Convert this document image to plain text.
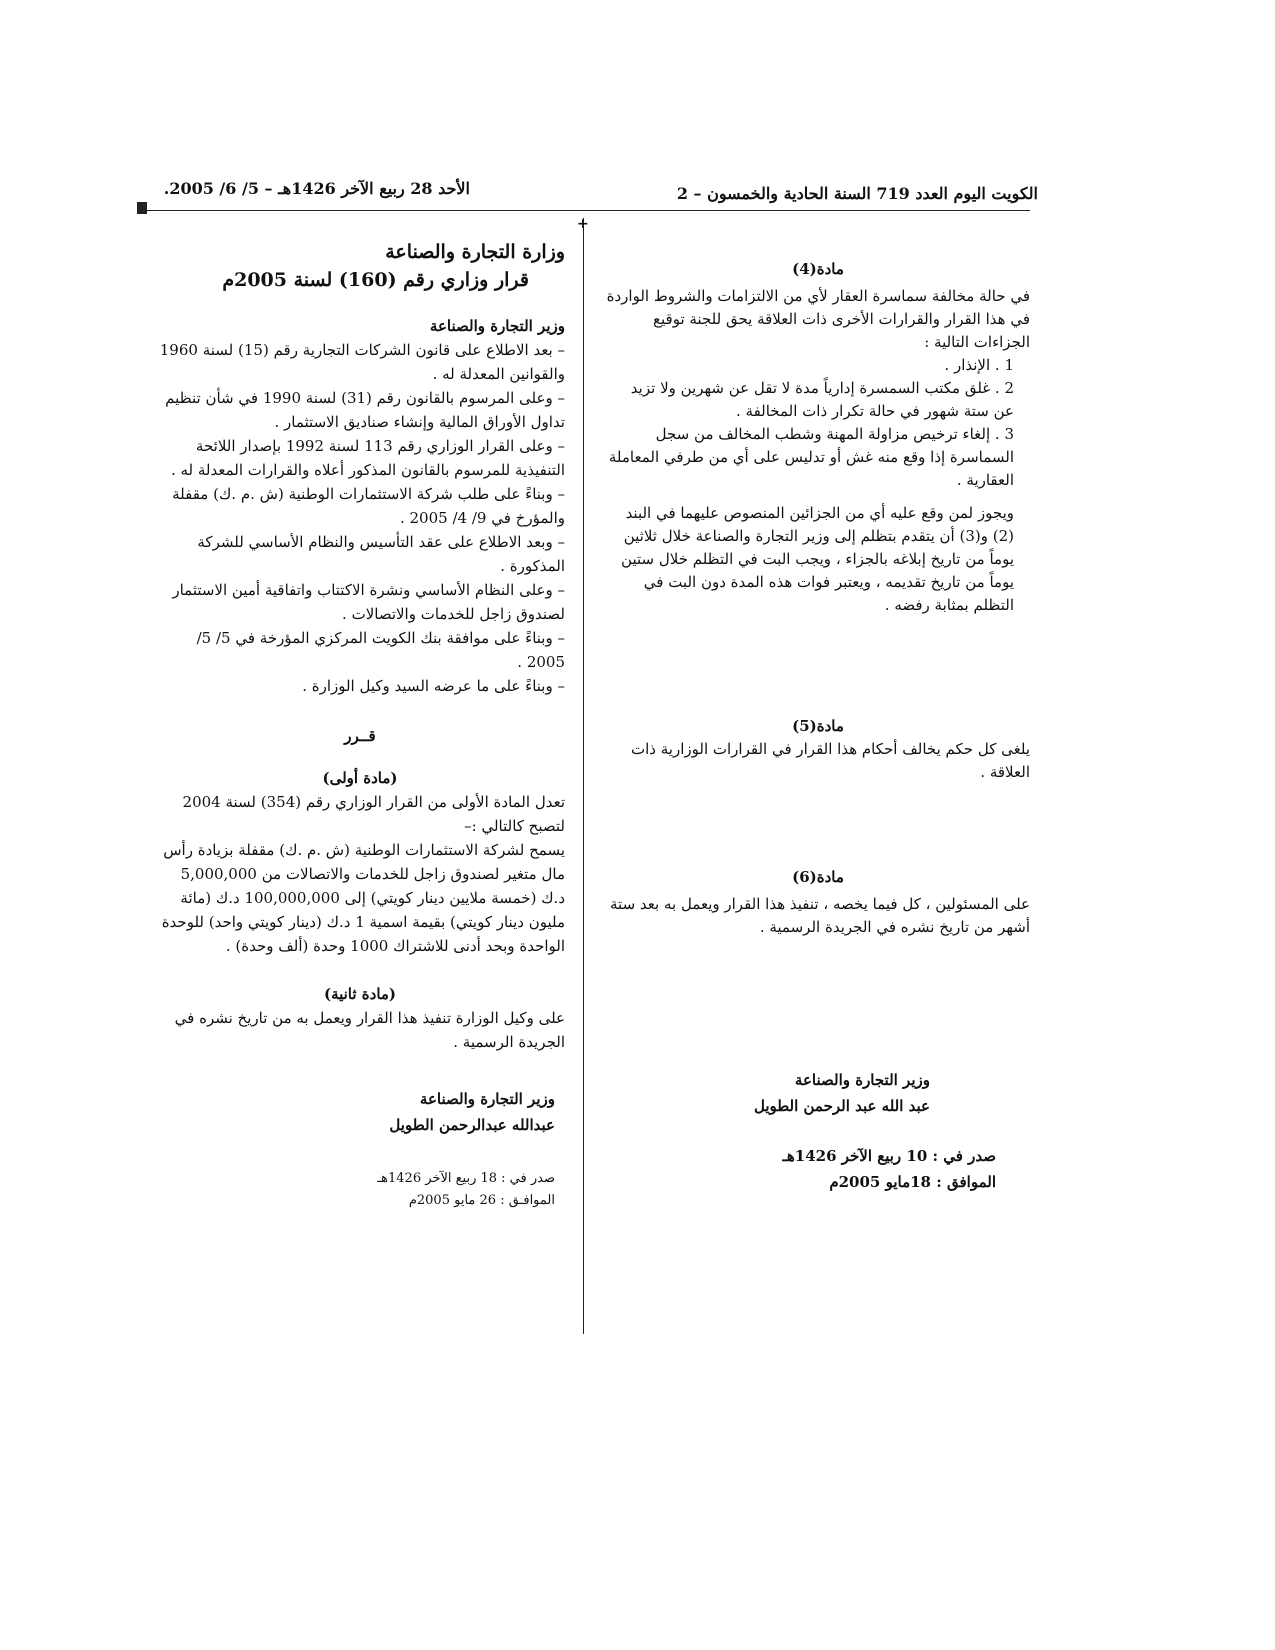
الكويت اليوم العدد 719 السنة الحادية والخمسون – 2
الأحد 28 ربيع الآخر 1426هـ – 5/ 6/ 2005.
+
مادة(4)

في حالة مخالفة سماسرة العقار لأي من الالتزامات والشروط الواردة في هذا القرار والقرارات الأخرى ذات العلاقة يحق للجنة توقيع الجزاءات التالية :

1 . الإنذار .

2 . غلق مكتب السمسرة إدارياً مدة لا تقل عن شهرين ولا تزيد عن ستة شهور في حالة تكرار ذات المخالفة .

3 . إلغاء ترخيص مزاولة المهنة وشطب المخالف من سجل السماسرة إذا وقع منه غش أو تدليس على أي من طرفي المعاملة العقارية .

ويجوز لمن وقع عليه أي من الجزائين المنصوص عليهما في البند (2) و(3) أن يتقدم بتظلم إلى وزير التجارة والصناعة خلال ثلاثين يوماً من تاريخ إبلاغه بالجزاء ، ويجب البت في التظلم خلال ستين يوماً من تاريخ تقديمه ، ويعتبر فوات هذه المدة دون البت في التظلم بمثابة رفضه .

مادة(5)

يلغى كل حكم يخالف أحكام هذا القرار في القرارات الوزارية ذات العلاقة .

مادة(6)

على المسئولين ، كل فيما يخصه ، تنفيذ هذا القرار ويعمل به بعد ستة أشهر من تاريخ نشره في الجريدة الرسمية .

وزير التجارة والصناعة
عبد الله عبد الرحمن الطويل
صدر في : 10 ربيع الآخر 1426هـ
الموافق : 18مايو 2005م
وزارة التجارة والصناعة
قرار وزاري رقم (160) لسنة 2005م
وزير التجارة والصناعة

– بعد الاطلاع على قانون الشركات التجارية رقم (15) لسنة 1960 والقوانين المعدلة له .

– وعلى المرسوم بالقانون رقم (31) لسنة 1990 في شأن تنظيم تداول الأوراق المالية وإنشاء صناديق الاستثمار .

– وعلى القرار الوزاري رقم 113 لسنة 1992 بإصدار اللائحة التنفيذية للمرسوم بالقانون المذكور أعلاه والقرارات المعدلة له .

– وبناءً على طلب شركة الاستثمارات الوطنية (ش .م .ك) مقفلة والمؤرخ في 9/ 4/ 2005 .

– وبعد الاطلاع على عقد التأسيس والنظام الأساسي للشركة المذكورة .

– وعلى النظام الأساسي ونشرة الاكتتاب واتفاقية أمين الاستثمار لصندوق زاجل للخدمات والاتصالات .

– وبناءً على موافقة بنك الكويت المركزي المؤرخة في 5/ 5/ 2005 .

– وبناءً على ما عرضه السيد وكيل الوزارة .

قــرر
(مادة أولى)

تعدل المادة الأولى من القرار الوزاري رقم (354) لسنة 2004 لتصبح كالتالي :–

يسمح لشركة الاستثمارات الوطنية (ش .م .ك) مقفلة بزيادة رأس مال متغير لصندوق زاجل للخدمات والاتصالات من 5,000,000 د.ك (خمسة ملايين دينار كويتي) إلى 100,000,000 د.ك (مائة مليون دينار كويتي) بقيمة اسمية 1 د.ك (دينار كويتي واحد) للوحدة الواحدة وبحد أدنى للاشتراك 1000 وحدة (ألف وحدة) .

(مادة ثانية)

على وكيل الوزارة تنفيذ هذا القرار ويعمل به من تاريخ نشره في الجريدة الرسمية .

وزير التجارة والصناعة
عبدالله عبدالرحمن الطويل
صدر في : 18 ربيع الآخر 1426هـ
الموافـق : 26 مايو 2005م
